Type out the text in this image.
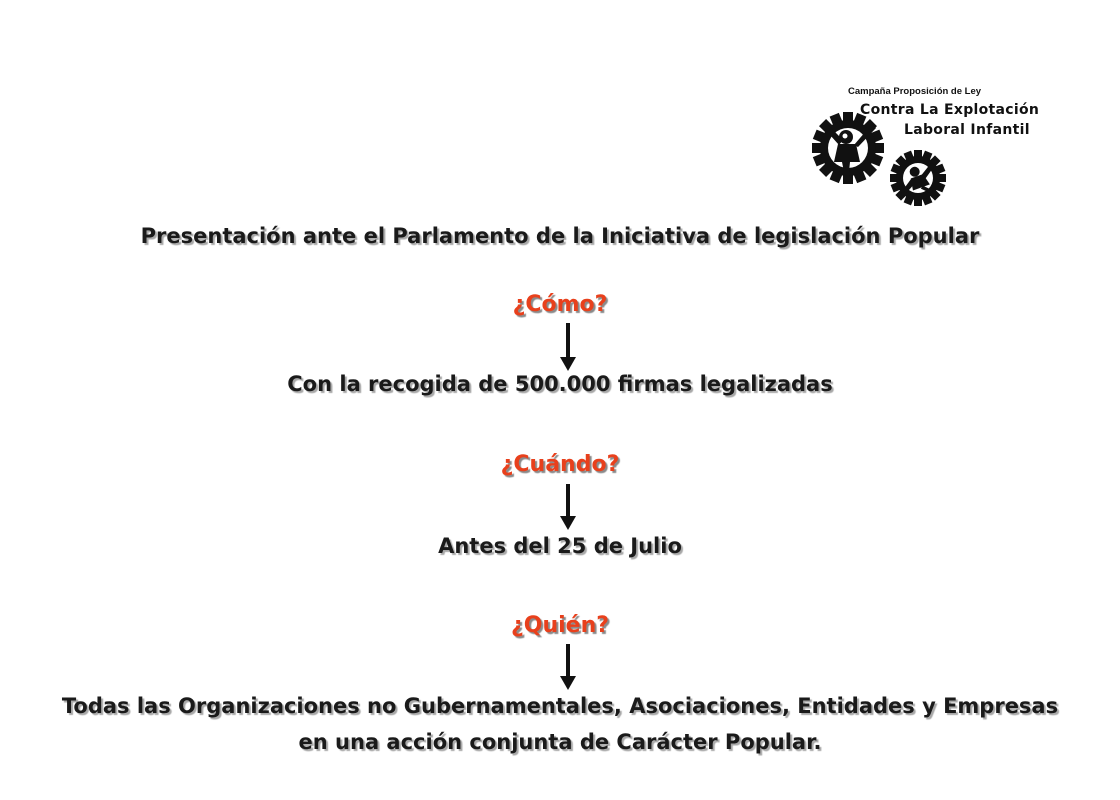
Campaña Proposición de Ley
Contra La Explotación
Laboral Infantil

Presentación ante el Parlamento de la Iniciativa de legislación Popular

¿Cómo?

Con la recogida de 500.000 firmas legalizadas

¿Cuándo?

Antes del 25 de Julio

¿Quién?

Todas las Organizaciones no Gubernamentales, Asociaciones, Entidades y Empresas

en una acción conjunta de Carácter Popular.
